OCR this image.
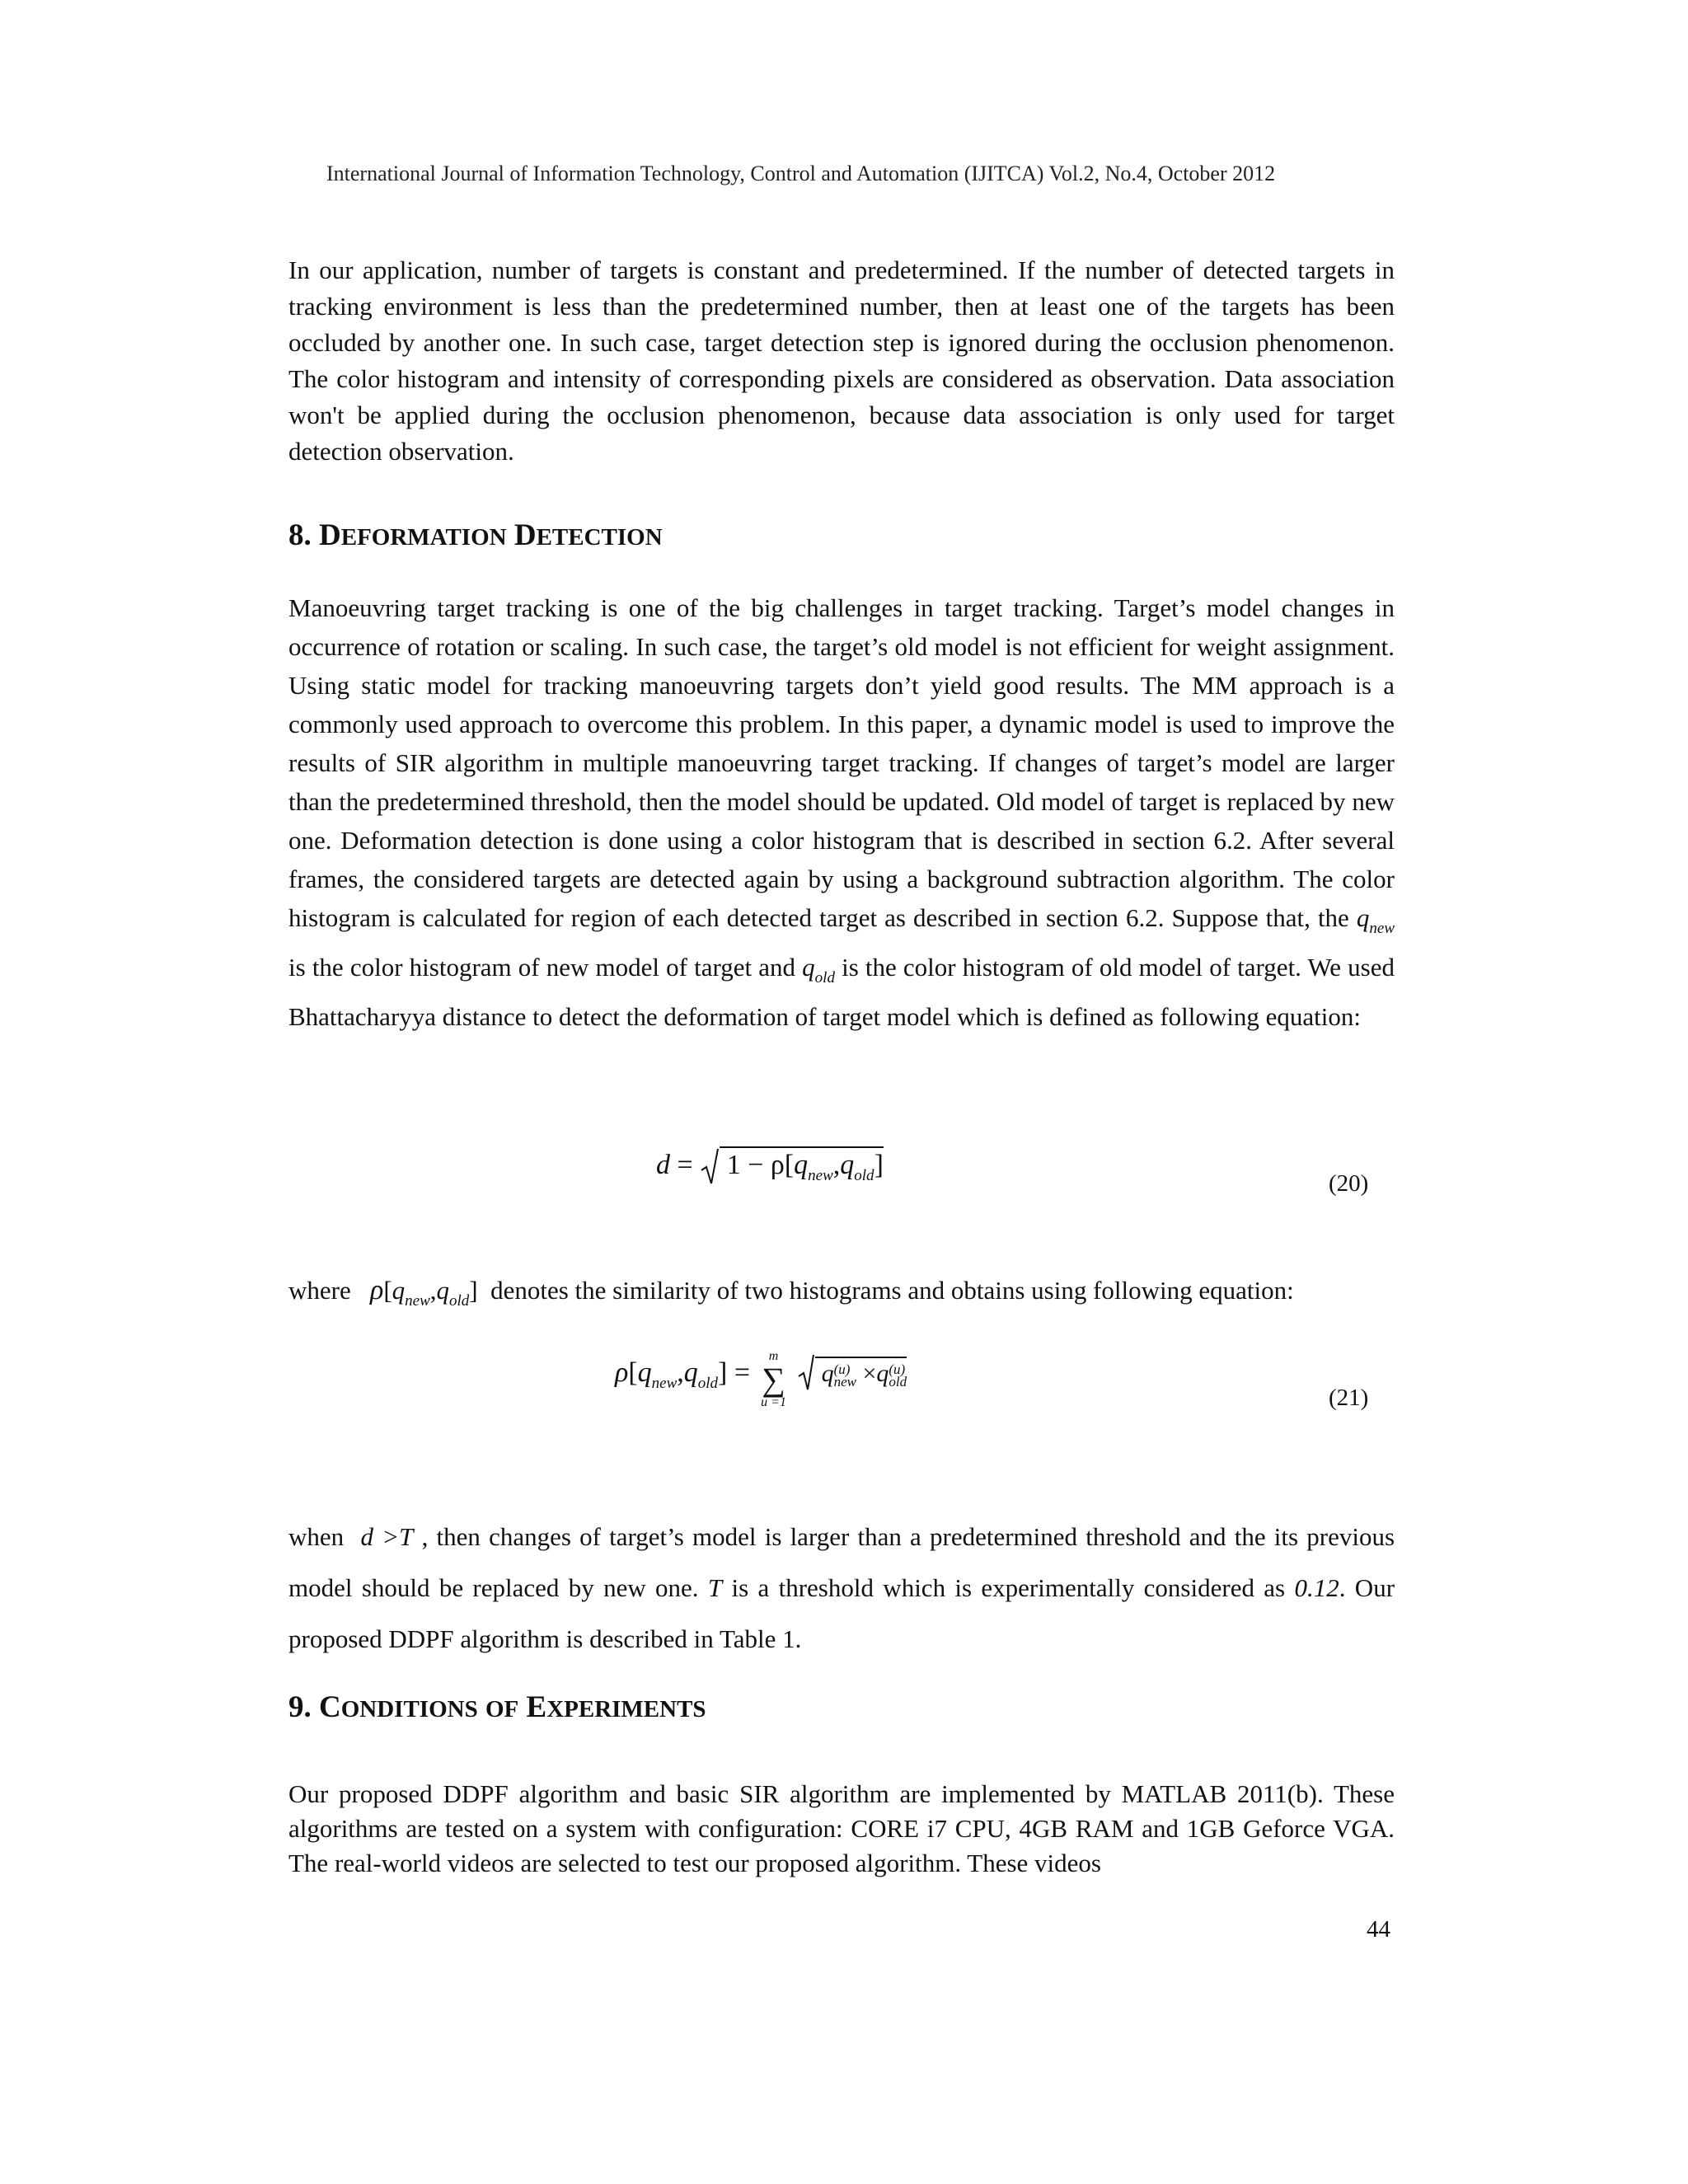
International Journal of Information Technology, Control and Automation (IJITCA) Vol.2, No.4, October 2012
In our application, number of targets is constant and predetermined. If the number of detected targets in tracking environment is less than the predetermined number, then at least one of the targets has been occluded by another one. In such case, target detection step is ignored during the occlusion phenomenon. The color histogram and intensity of corresponding pixels are considered as observation. Data association won't be applied during the occlusion phenomenon, because data association is only used for target detection observation.
8. DEFORMATION DETECTION
Manoeuvring target tracking is one of the big challenges in target tracking. Target’s model changes in occurrence of rotation or scaling. In such case, the target’s old model is not efficient for weight assignment. Using static model for tracking manoeuvring targets don’t yield good results. The MM approach is a commonly used approach to overcome this problem. In this paper, a dynamic model is used to improve the results of SIR algorithm in multiple manoeuvring target tracking. If changes of target’s model are larger than the predetermined threshold, then the model should be updated. Old model of target is replaced by new one. Deformation detection is done using a color histogram that is described in section 6.2. After several frames, the considered targets are detected again by using a background subtraction algorithm. The color histogram is calculated for region of each detected target as described in section 6.2. Suppose that, the $q_{new}$ is the color histogram of new model of target and $q_{old}$ is the color histogram of old model of target. We used Bhattacharyya distance to detect the deformation of target model which is defined as following equation:
$d = 1 - \rho[q_{new},q_{old}]$
(20)
where $\rho[q_{new},q_{old}]$  denotes the similarity of two histograms and obtains using following equation:
$\rho[q_{new},q_{old}]$ =
m
∑
u =1
q (u)
new ×q (u)
old
(21)
when d >T , then changes of target’s model is larger than a predetermined threshold and the its previous model should be replaced by new one. T is a threshold which is experimentally considered as 0.12. Our proposed DDPF algorithm is described in Table 1.
9. CONDITIONS OF EXPERIMENTS
Our proposed DDPF algorithm and basic SIR algorithm are implemented by MATLAB 2011(b). These algorithms are tested on a system with configuration: CORE i7 CPU, 4GB RAM and 1GB Geforce VGA. The real-world videos are selected to test our proposed algorithm. These videos
44
